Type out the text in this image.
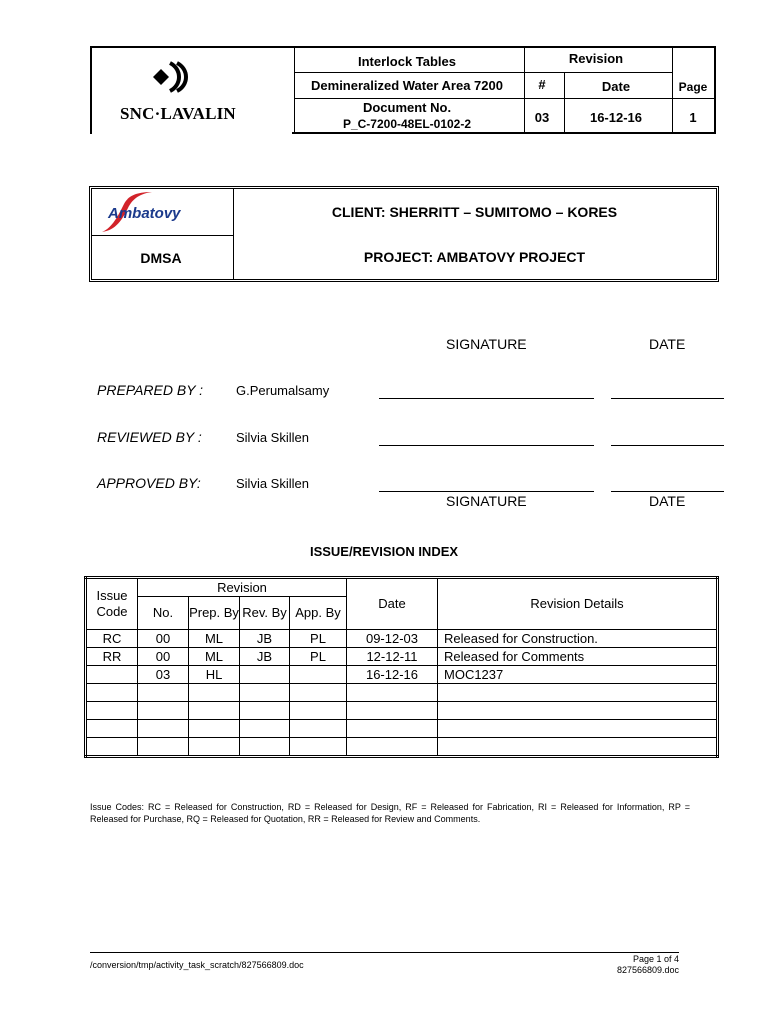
SNC·LAVALIN
Interlock Tables
Demineralized Water Area 7200
Document No.
P_C-7200-48EL-0102-2
Revision
#	Date	Page
03	16-12-16	1
Ambatovy
DMSA
CLIENT: SHERRITT – SUMITOMO – KORES
PROJECT: AMBATOVY PROJECT
SIGNATURE	DATE
PREPARED BY :	G.Perumalsamy
REVIEWED BY :	Silvia Skillen
APPROVED BY:	Silvia Skillen
SIGNATURE	DATE
ISSUE/REVISION INDEX
Issue Code	Revision				Date	Revision Details
	No.	Prep. By	Rev. By	App. By		
RC	00	ML	JB	PL	09-12-03	Released for Construction.
RR	00	ML	JB	PL	12-12-11	Released for Comments
	03	HL			16-12-16	MOC1237

Issue Codes: RC = Released for Construction, RD = Released for Design, RF = Released for Fabrication, RI = Released for Information, RP = Released for Purchase, RQ = Released for Quotation, RR = Released for Review and Comments.
/conversion/tmp/activity_task_scratch/827566809.doc
Page 1 of 4
827566809.doc
